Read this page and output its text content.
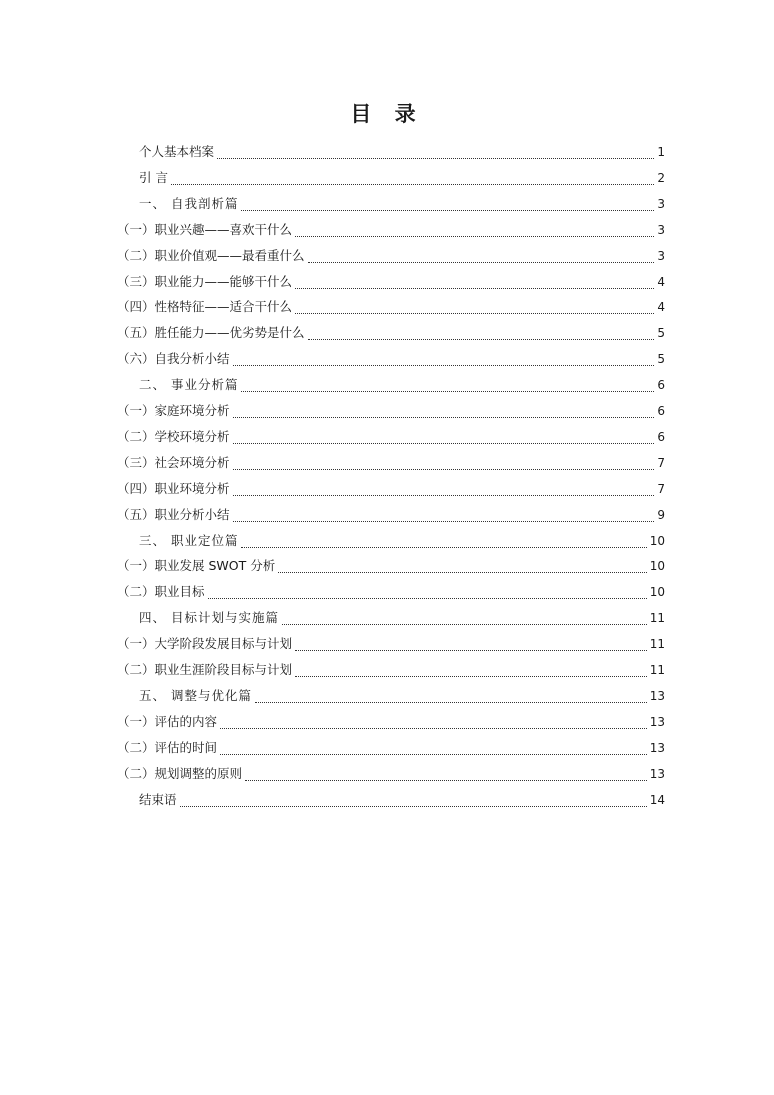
目 录
个人基本档案	1
引 言	2
一、 自我剖析篇	3
（一）职业兴趣——喜欢干什么	3
（二）职业价值观——最看重什么	3
（三）职业能力——能够干什么	4
（四）性格特征——适合干什么	4
（五）胜任能力——优劣势是什么	5
（六）自我分析小结	5
二、 事业分析篇	6
（一）家庭环境分析	6
（二）学校环境分析	6
（三）社会环境分析	7
（四）职业环境分析	7
（五）职业分析小结	9
三、 职业定位篇	10
（一）职业发展 SWOT 分析	10
（二）职业目标	10
四、 目标计划与实施篇	11
（一）大学阶段发展目标与计划	11
（二）职业生涯阶段目标与计划	11
五、 调整与优化篇	13
（一）评估的内容	13
（二）评估的时间	13
（二）规划调整的原则	13
结束语	14
